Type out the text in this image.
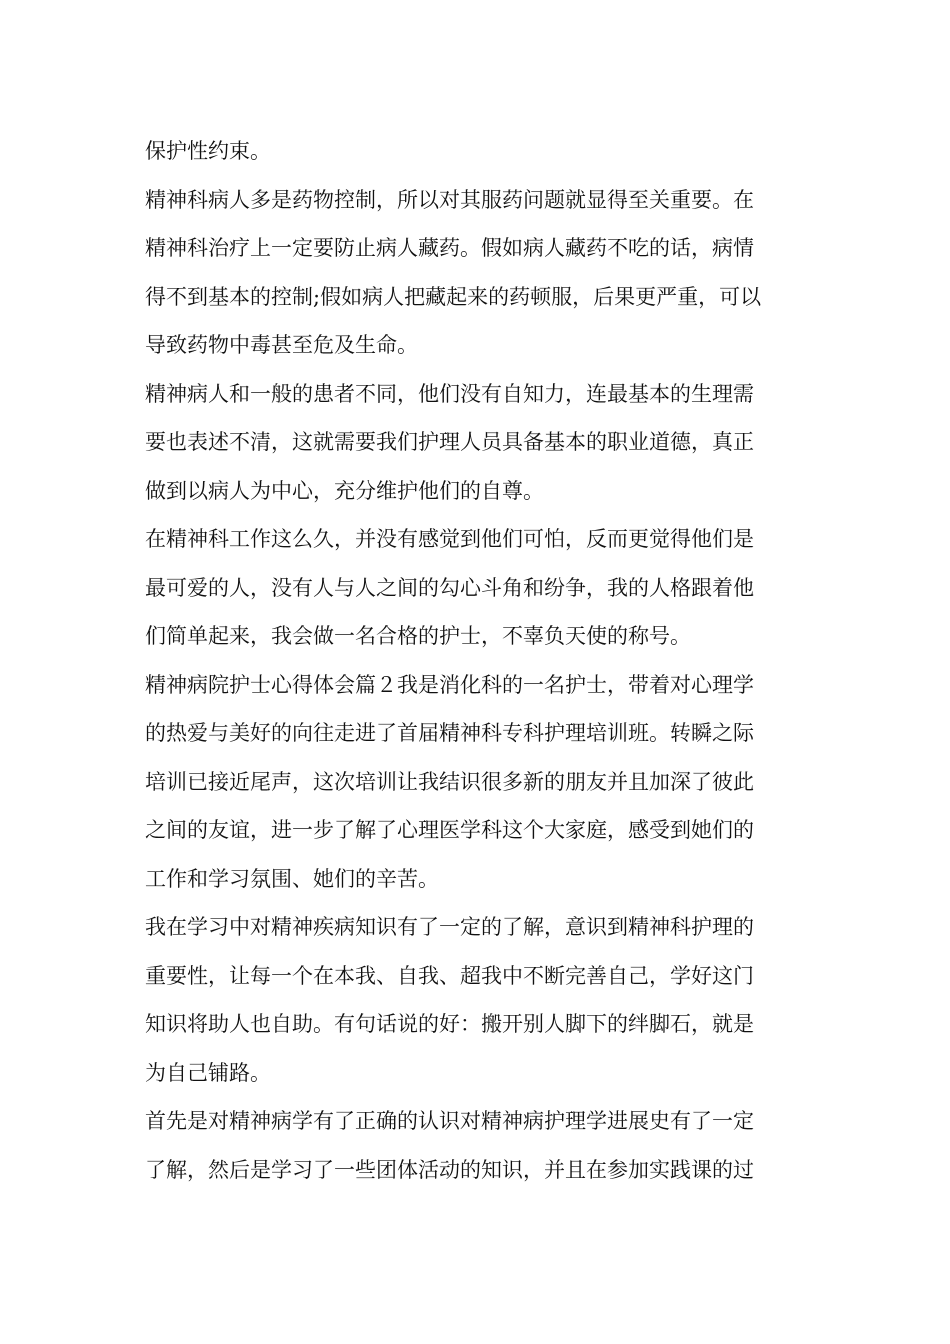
保护性约束。

精神科病人多是药物控制，所以对其服药问题就显得至关重要。在
精神科治疗上一定要防止病人藏药。假如病人藏药不吃的话，病情
得不到基本的控制;假如病人把藏起来的药顿服，后果更严重，可以
导致药物中毒甚至危及生命。

精神病人和一般的患者不同，他们没有自知力，连最基本的生理需
要也表述不清，这就需要我们护理人员具备基本的职业道德，真正
做到以病人为中心，充分维护他们的自尊。

在精神科工作这么久，并没有感觉到他们可怕，反而更觉得他们是
最可爱的人，没有人与人之间的勾心斗角和纷争，我的人格跟着他
们简单起来，我会做一名合格的护士，不辜负天使的称号。

精神病院护士心得体会篇２我是消化科的一名护士，带着对心理学
的热爱与美好的向往走进了首届精神科专科护理培训班。转瞬之际
培训已接近尾声，这次培训让我结识很多新的朋友并且加深了彼此
之间的友谊，进一步了解了心理医学科这个大家庭，感受到她们的
工作和学习氛围、她们的辛苦。

我在学习中对精神疾病知识有了一定的了解，意识到精神科护理的
重要性，让每一个在本我、自我、超我中不断完善自己，学好这门
知识将助人也自助。有句话说的好：搬开别人脚下的绊脚石，就是
为自己铺路。

首先是对精神病学有了正确的认识对精神病护理学进展史有了一定
了解，然后是学习了一些团体活动的知识，并且在参加实践课的过
